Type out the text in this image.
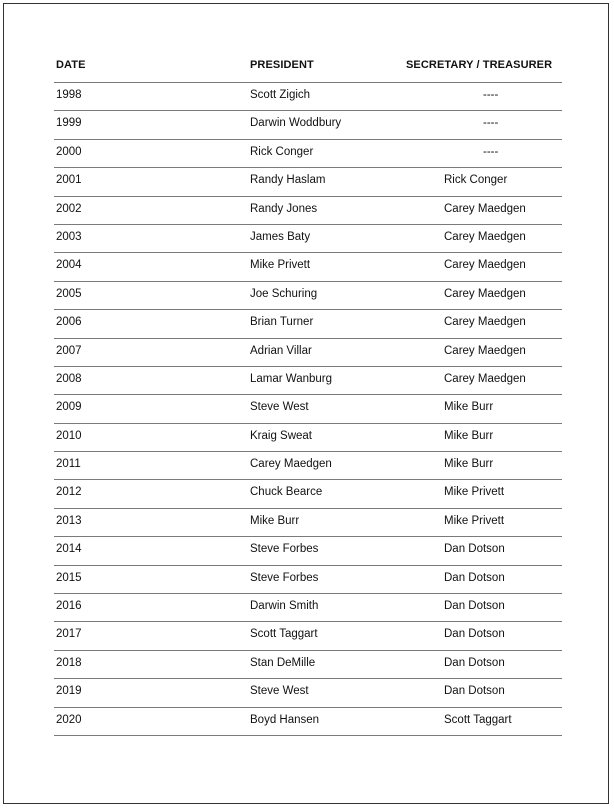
DATE	PRESIDENT	SECRETARY / TREASURER
1998	Scott Zigich	----
1999	Darwin Woddbury	----
2000	Rick Conger	----
2001	Randy Haslam	Rick Conger
2002	Randy Jones	Carey Maedgen
2003	James Baty	Carey Maedgen
2004	Mike Privett	Carey Maedgen
2005	Joe Schuring	Carey Maedgen
2006	Brian Turner	Carey Maedgen
2007	Adrian Villar	Carey Maedgen
2008	Lamar Wanburg	Carey Maedgen
2009	Steve West	Mike Burr
2010	Kraig Sweat	Mike Burr
2011	Carey Maedgen	Mike Burr
2012	Chuck Bearce	Mike Privett
2013	Mike Burr	Mike Privett
2014	Steve Forbes	Dan Dotson
2015	Steve Forbes	Dan Dotson
2016	Darwin Smith	Dan Dotson
2017	Scott Taggart	Dan Dotson
2018	Stan DeMille	Dan Dotson
2019	Steve West	Dan Dotson
2020	Boyd Hansen	Scott Taggart
